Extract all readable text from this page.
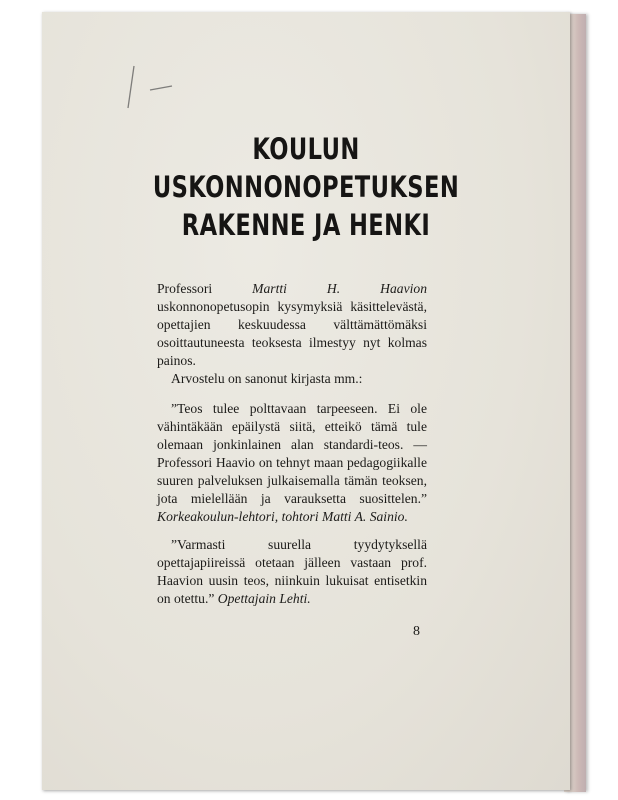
KOULUN
USKONNONOPETUKSEN
RAKENNE JA HENKI

Professori Martti H. Haavion uskonnonopetusopin kysymyksiä käsittelevästä, opettajien keskuudessa välttämättömäksi osoittautuneesta teoksesta ilmestyy nyt kolmas painos.

Arvostelu on sanonut kirjasta mm.:

”Teos tulee polttavaan tarpeeseen. Ei ole vähintäkään epäilystä siitä, etteikö tämä tule olemaan jonkinlainen alan standardi-teos. — Professori Haavio on tehnyt maan pedagogiikalle suuren palveluksen julkaisemalla tämän teoksen, jota mielellään ja varauksetta suosittelen.” Korkeakoulun-lehtori, tohtori Matti A. Sainio.

”Varmasti suurella tyydytyksellä opettajapiireissä otetaan jälleen vastaan prof. Haavion uusin teos, niinkuin lukuisat entisetkin on otettu.” Opettajain Lehti.

8
